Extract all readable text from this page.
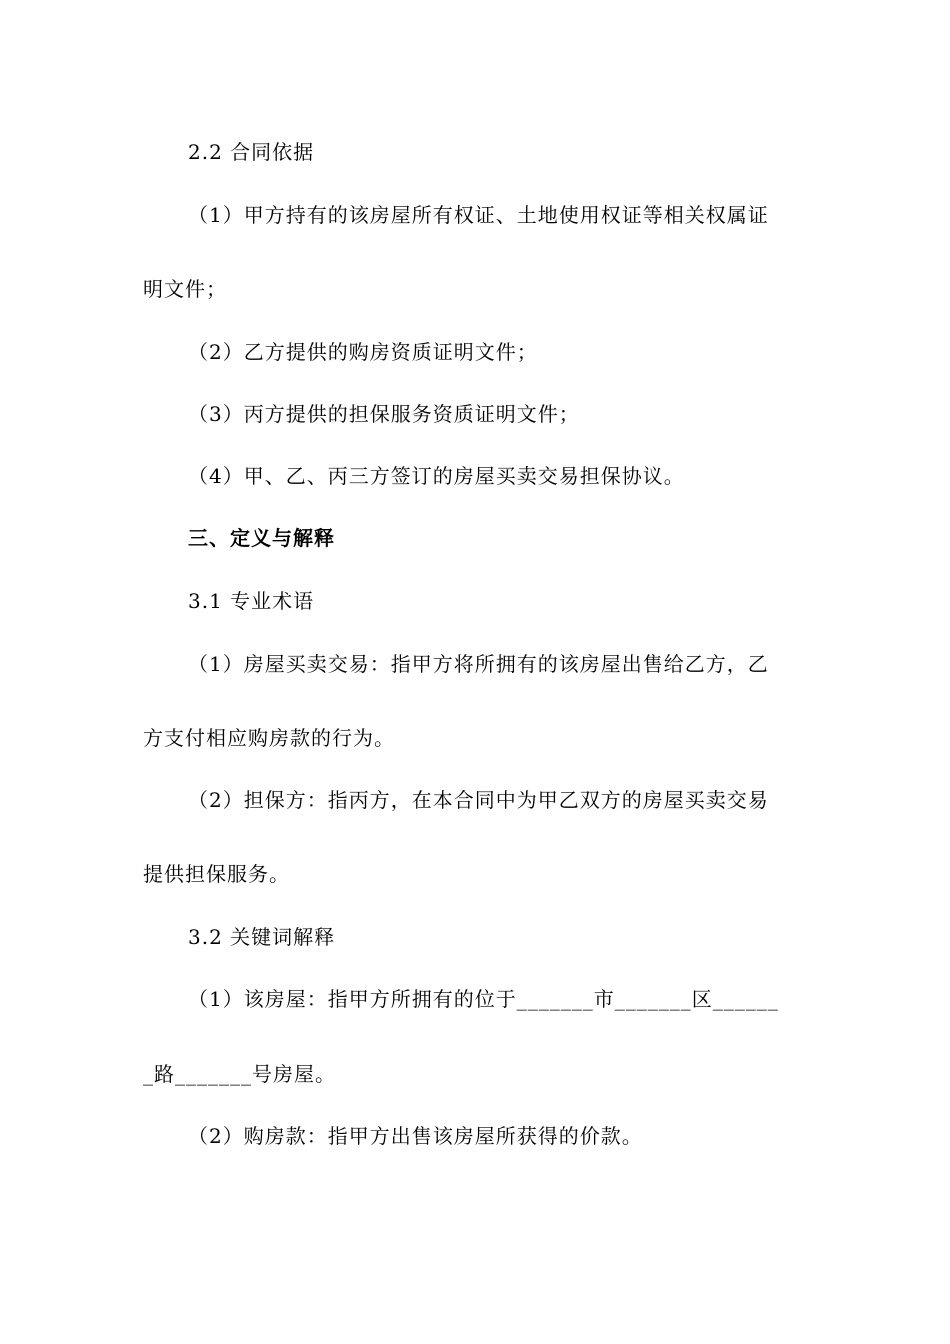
2.2 合同依据
（1）甲方持有的该房屋所有权证、土地使用权证等相关权属证
明文件；
（2）乙方提供的购房资质证明文件；
（3）丙方提供的担保服务资质证明文件；
（4）甲、乙、丙三方签订的房屋买卖交易担保协议。
三、定义与解释
3.1 专业术语
（1）房屋买卖交易：指甲方将所拥有的该房屋出售给乙方，乙
方支付相应购房款的行为。
（2）担保方：指丙方，在本合同中为甲乙双方的房屋买卖交易
提供担保服务。
3.2 关键词解释
（1）该房屋：指甲方所拥有的位于_______市_______区______
_路_______号房屋。
（2）购房款：指甲方出售该房屋所获得的价款。
